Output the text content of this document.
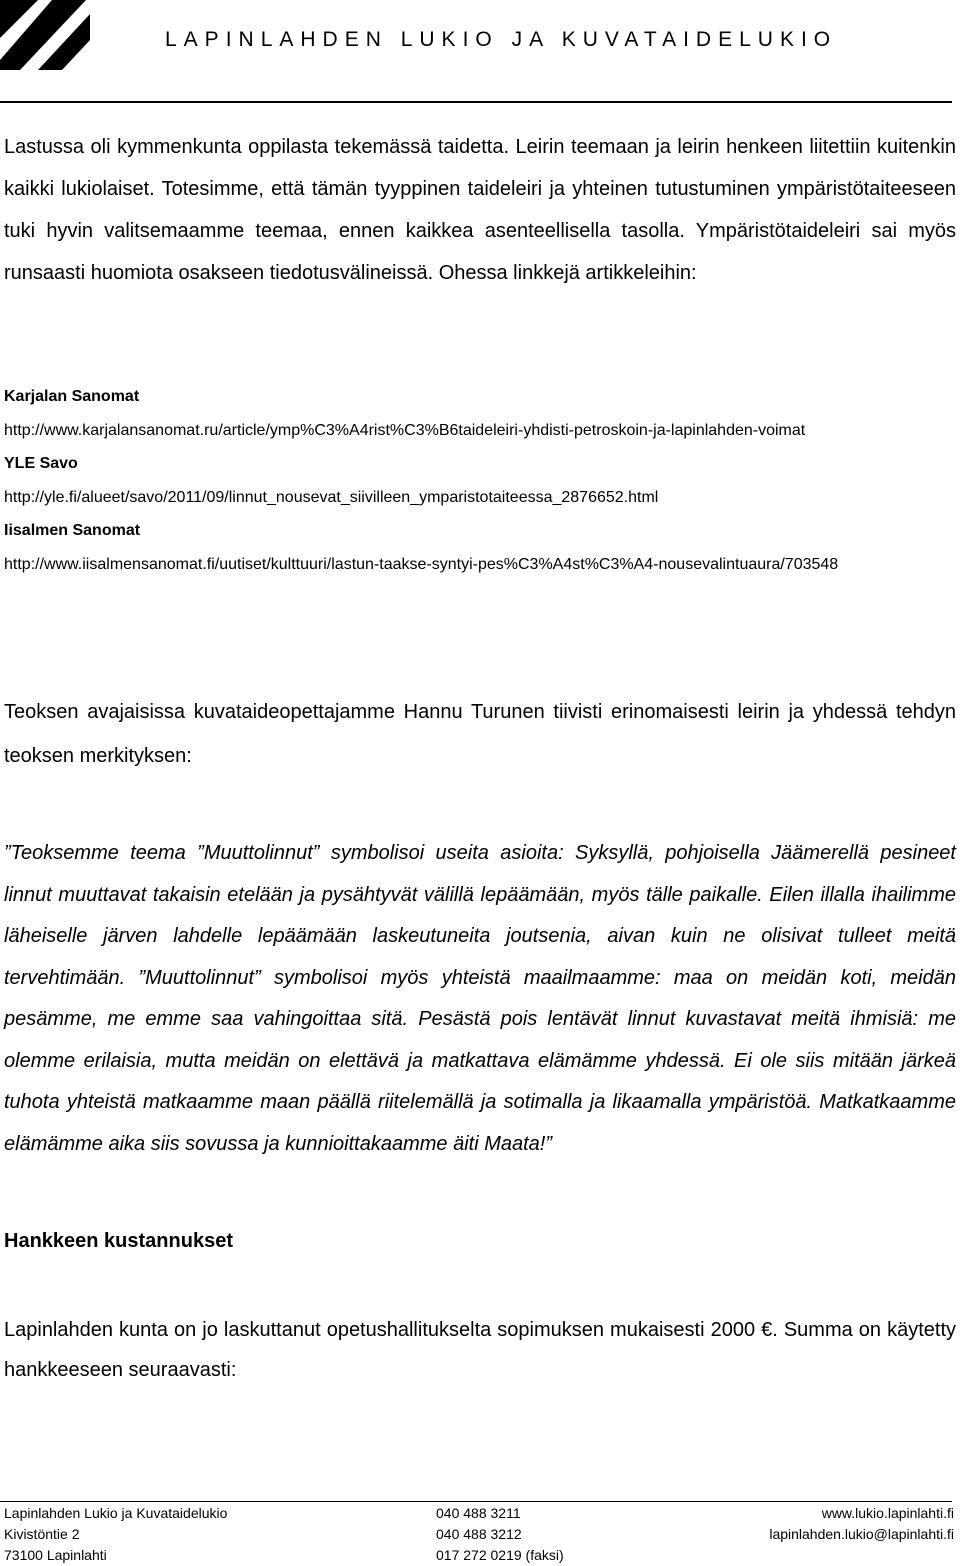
LAPINLAHDEN LUKIO JA KUVATAIDELUKIO

Lastussa oli kymmenkunta oppilasta tekemässä taidetta. Leirin teemaan ja leirin henkeen liitettiin kuitenkin kaikki lukiolaiset. Totesimme, että tämän tyyppinen taideleiri ja yhteinen tutustuminen ympäristötaiteeseen tuki hyvin valitsemaamme teemaa, ennen kaikkea asenteellisella tasolla. Ympäristötaideleiri sai myös runsaasti huomiota osakseen tiedotusvälineissä. Ohessa linkkejä artikkeleihin:

Karjalan Sanomat
http://www.karjalansanomat.ru/article/ymp%C3%A4rist%C3%B6taideleiri-yhdisti-petroskoin-ja-lapinlahden-voimat
YLE Savo
http://yle.fi/alueet/savo/2011/09/linnut_nousevat_siivilleen_ymparistotaiteessa_2876652.html
Iisalmen Sanomat
http://www.iisalmensanomat.fi/uutiset/kulttuuri/lastun-taakse-syntyi-pes%C3%A4st%C3%A4-nousevalintuaura/703548

Teoksen avajaisissa kuvataideopettajamme Hannu Turunen tiivisti erinomaisesti leirin ja yhdessä tehdyn teoksen merkityksen:

”Teoksemme teema ”Muuttolinnut” symbolisoi useita asioita: Syksyllä, pohjoisella Jäämerellä pesineet linnut muuttavat takaisin etelään ja pysähtyvät välillä lepäämään, myös tälle paikalle. Eilen illalla ihailimme läheiselle järven lahdelle lepäämään laskeutuneita joutsenia, aivan kuin ne olisivat tulleet meitä tervehtimään. ”Muuttolinnut” symbolisoi myös yhteistä maailmaamme: maa on meidän koti, meidän pesämme, me emme saa vahingoittaa sitä. Pesästä pois lentävät linnut kuvastavat meitä ihmisiä: me olemme erilaisia, mutta meidän on elettävä ja matkattava elämämme yhdessä. Ei ole siis mitään järkeä tuhota yhteistä matkaamme maan päällä riitelemällä ja sotimalla ja likaamalla ympäristöä. Matkatkaamme elämämme aika siis sovussa ja kunnioittakaamme äiti Maata!”

Hankkeen kustannukset

Lapinlahden kunta on jo laskuttanut opetushallitukselta sopimuksen mukaisesti 2000 €. Summa on käytetty hankkeeseen seuraavasti:

Lapinlahden Lukio ja Kuvataidelukio
Kivistöntie 2
73100 Lapinlahti
040 488 3211
040 488 3212
017 272 0219 (faksi)
www.lukio.lapinlahti.fi
lapinlahden.lukio@lapinlahti.fi
